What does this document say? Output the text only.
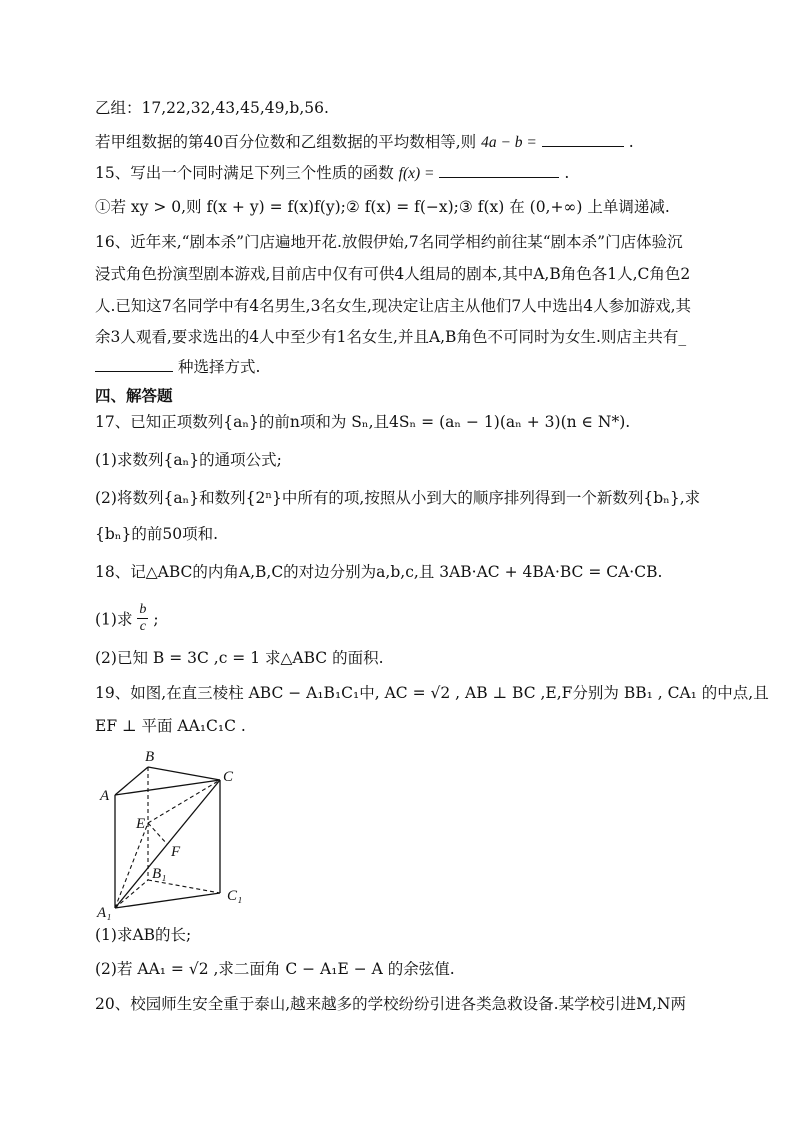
乙组：17,22,32,43,45,49,b,56.
若甲组数据的第40百分位数和乙组数据的平均数相等,则 4a − b =	.
15、写出一个同时满足下列三个性质的函数 f(x) =	.
①若 xy > 0,则 f(x + y) = f(x)f(y);② f(x) = f(−x);③ f(x) 在 (0,+∞) 上单调递减.
16、近年来,“剧本杀”门店遍地开花.放假伊始,7名同学相约前往某“剧本杀”门店体验沉
浸式角色扮演型剧本游戏,目前店中仅有可供4人组局的剧本,其中A,B角色各1人,C角色2
人.已知这7名同学中有4名男生,3名女生,现决定让店主从他们7人中选出4人参加游戏,其
余3人观看,要求选出的4人中至少有1名女生,并且A,B角色不可同时为女生.则店主共有_
种选择方式.
四、解答题
17、已知正项数列{aₙ}的前n项和为 Sₙ,且4Sₙ = (aₙ − 1)(aₙ + 3)(n ∈ N*).
(1)求数列{aₙ}的通项公式;
(2)将数列{aₙ}和数列{2ⁿ}中所有的项,按照从小到大的顺序排列得到一个新数列{bₙ},求
{bₙ}的前50项和.
18、记△ABC的内角A,B,C的对边分别为a,b,c,且 3AB·AC + 4BA·BC = CA·CB.
(1)求 $\frac{b}{c}$ ;
(2)已知 B = 3C ,c = 1 求△ABC 的面积.
19、如图,在直三棱柱 ABC − A₁B₁C₁中, AC = √2 , AB ⊥ BC ,E,F分别为 BB₁ , CA₁ 的中点,且
EF ⊥ 平面 AA₁C₁C .
B
C
A
E
F
B₁
C₁
A₁
(1)求AB的长;
(2)若 AA₁ = √2 ,求二面角 C − A₁E − A 的余弦值.
20、校园师生安全重于泰山,越来越多的学校纷纷引进各类急救设备.某学校引进M,N两
